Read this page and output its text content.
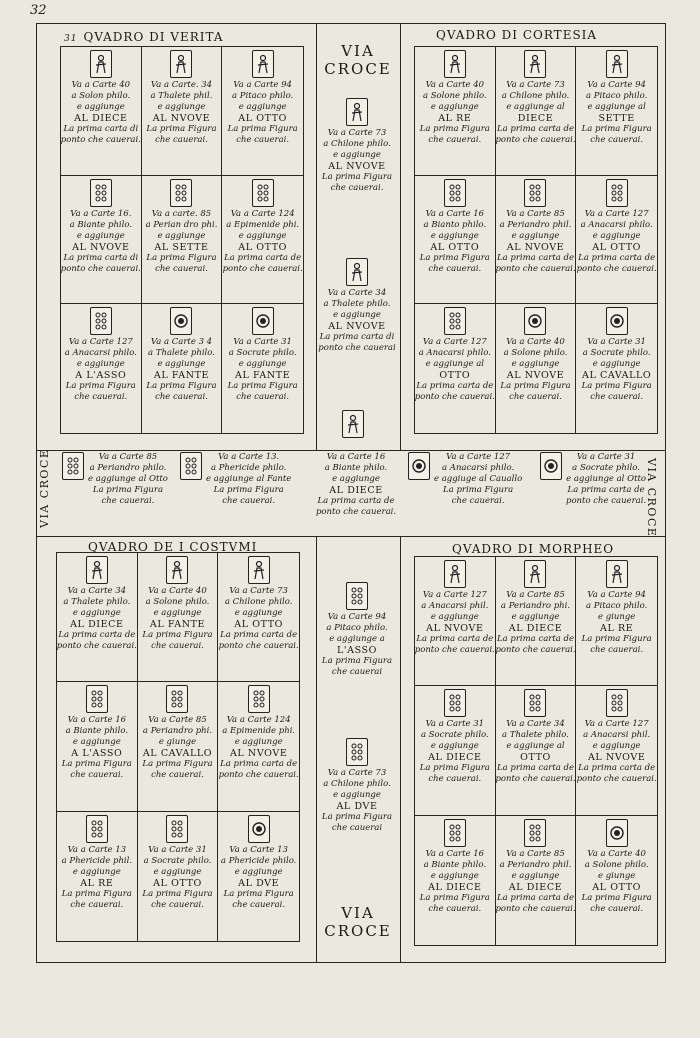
32
31 QVADRO DI VERITA	QVADRO DI CORTESIA
QVADRO DE I COSTVMI	QVADRO DI MORPHEO
Va a Carte 40
a Solon philo.
e aggiunge
AL DIECE
La prima carta di
ponto che cauerai.
Va a Carte. 34
a Thalete phil.
e aggiunge
AL NVOVE
La prima Figura
che cauerai.
Va a Carte 94
a Pitaco philo.
e aggiunge
AL OTTO
La prima Figura
che cauerai.
Va a Carte 16.
a Biante philo.
e aggiunge
AL NVOVE
La prima carta di
ponto che cauerai.
Va a carte. 85
a Perian dro phi.
e aggiunge
AL SETTE
La prima Figura
che cauerai.
Va a Carte 124
a Epimenide phi.
e aggiunge
AL OTTO
La prima carta de
ponto che cauerai.
Va a Carte 127
a Anacarsi philo.
e aggiunge
A L'ASSO
La prima Figura
che cauerai.
Va a Carte 3 4
a Thalete philo.
e aggiunge
AL FANTE
La prima Figura
che cauerai.
Va a Carte 31
a Socrate philo.
e aggiunge
AL FANTE
La prima Figura
che cauerai.
Va a Carte 40
a Solone philo.
e aggiunge
AL RE
La prima Figura
che cauerai.
Va a Carte 73
a Chilone philo.
e aggiunge al
DIECE
La prima carta de
ponto che cauerai.
Va a Carte 94
a Pitaco philo.
e aggiunge al
SETTE
La prima Figura
che cauerai.
Va a Carte 16
a Bianto philo.
e aggiunge
AL OTTO
La prima Figura
che cauerai.
Va a Carte 85
a Periandro phil.
e aggiunge
AL NVOVE
La prima carta de
ponto che cauerai.
Va a Carte 127
a Anacarsi philo.
e aggiunge
AL OTTO
La prima carta de
ponto che cauerai.
Va a Carte 127
a Anacarsi philo.
e aggiunge al
OTTO
La prima carta de
ponto che cauerai.
Va a Carte 40
a Solone philo.
e aggiunge
AL NVOVE
La prima Figura
che cauerai.
Va a Carte 31
a Socrate philo.
e aggiunge
AL CAVALLO
La prima Figura
che cauerai.
Va a Carte 34
a Thalete philo.
e aggiunge
AL DIECE
La prima carta de
ponto che cauerai.
Va a Carte 40
a Solone philo.
e aggiunge
AL FANTE
La prima Figura
che cauerai.
Va a Carte 73
a Chilone philo.
e aggiunge
AL OTTO
La prima carta de
ponto che cauerai.
Va a Carte 16
a Biante philo.
e aggiunge
A L'ASSO
La prima Figura
che cauerai.
Va a Carte 85
a Periandro phi.
e giunge
AL CAVALLO
La prima Figura
che cauerai.
Va a Carte 124
a Epimenide phi.
e aggiunge
AL NVOVE
La prima carta de
ponto che cauerai.
Va a Carte 13
a Phericide phil.
e aggiunge
AL RE
La prima Figura
che cauerai.
Va a Carte 31
a Socrate philo.
e aggiunge
AL OTTO
La prima Figura
che cauerai.
Va a Carte 13
a Phericide philo.
e aggiunge
AL DVE
La prima Figura
che cauerai.
Va a Carte 127
a Anacarsi phil.
e aggiunge
AL NVOVE
La prima carta de
ponto che cauerai.
Va a Carte 85
a Periandro phi.
e aggiunge
AL DIECE
La prima carta de
ponto che cauerai.
Va a Carte 94
a Pitaco philo.
e giunge
AL RE
La prima Figura
che cauerai.
Va a Carte 31
a Socrate philo.
e aggiunge
AL DIECE
La prima Figura
che cauerai.
Va a Carte 34
a Thalete philo.
e aggiunge al
OTTO
La prima carta de
ponto che cauerai.
Va a Carte 127
a Anacarsi phil.
e aggiunge
AL NVOVE
La prima carta de
ponto che cauerai.
Va a Carte 16
a Biante philo.
e aggiunge
AL DIECE
La prima Figura
che cauerai.
Va a Carte 85
a Periandro phil.
e aggiunge
AL DIECE
La prima carta de
ponto che cauerai.
Va a Carte 40
a Solone philo.
e giunge
AL OTTO
La prima Figura
che cauerai.
VIA
CROCE
Va a Carte 73
a Chilone philo.
e aggiunge
AL NVOVE
La prima Figura
che cauerai.
Va a Carte 34
a Thalete philo.
e aggiunge
AL NVOVE
La prima carta di
ponto che cauerai
Va a Carte 94
a Pitaco philo.
e aggiunge a
L'ASSO
La prima Figura
che cauerai
Va a Carte 73
a Chilone philo.
e aggiunge
AL DVE
La prima Figura
che cauerai
VIA
CROCE
VIA CROCE	VIA CROCE
Va a Carte 85
a Periandro philo.
e aggiunge al Otto
La prima Figura
che cauerai.
Va a Carte 13.
a Phericide philo.
e aggiunge al Fante
La prima Figura
che cauerai.
Va a Carte 16
a Biante philo.
e aggiunge
AL DIECE
La prima carta de
ponto che cauerai.
Va a Carte 127
a Anacarsi philo.
e aggiuge al Cauallo
La prima Figura
che cauerai.
Va a Carte 31
a Socrate philo.
e aggiunge al Otto
La prima carta de
ponto che cauerai.
